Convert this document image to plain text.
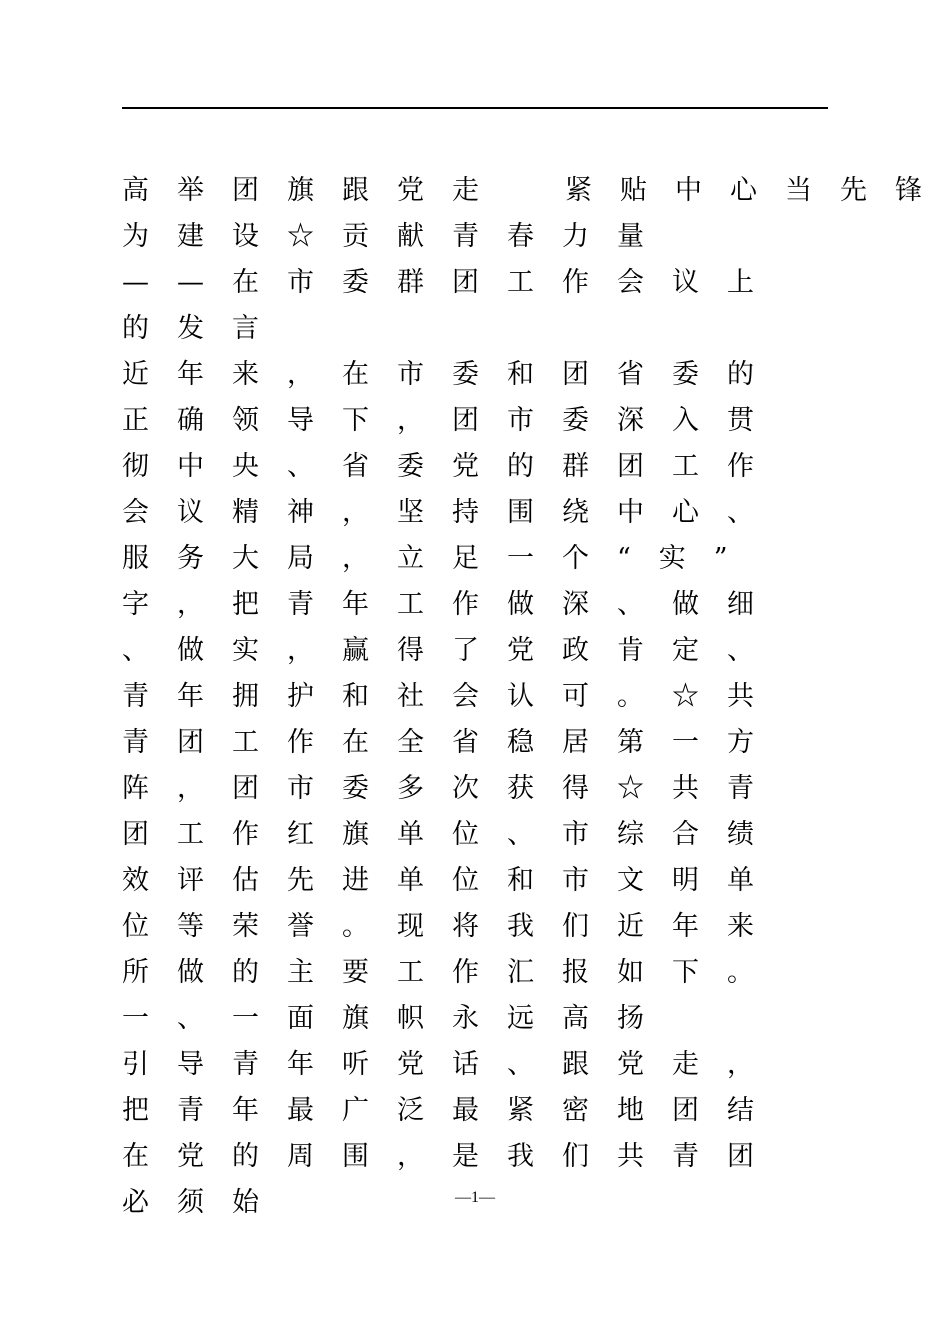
高举团旗跟党走 紧贴中心当先锋
为建设☆贡献青春力量
——在市委群团工作会议上
的发言
近年来，在市委和团省委的
正确领导下，团市委深入贯
彻中央、省委党的群团工作
会议精神，坚持围绕中心、
服务大局，立足一个“实”
字，把青年工作做深、做细
、做实，赢得了党政肯定、
青年拥护和社会认可。☆共
青团工作在全省稳居第一方
阵，团市委多次获得☆共青
团工作红旗单位、市综合绩
效评估先进单位和市文明单
位等荣誉。现将我们近年来
所做的主要工作汇报如下。
一、一面旗帜永远高扬
引导青年听党话、跟党走，
把青年最广泛最紧密地团结
在党的周围，是我们共青团
必须始	—1—
